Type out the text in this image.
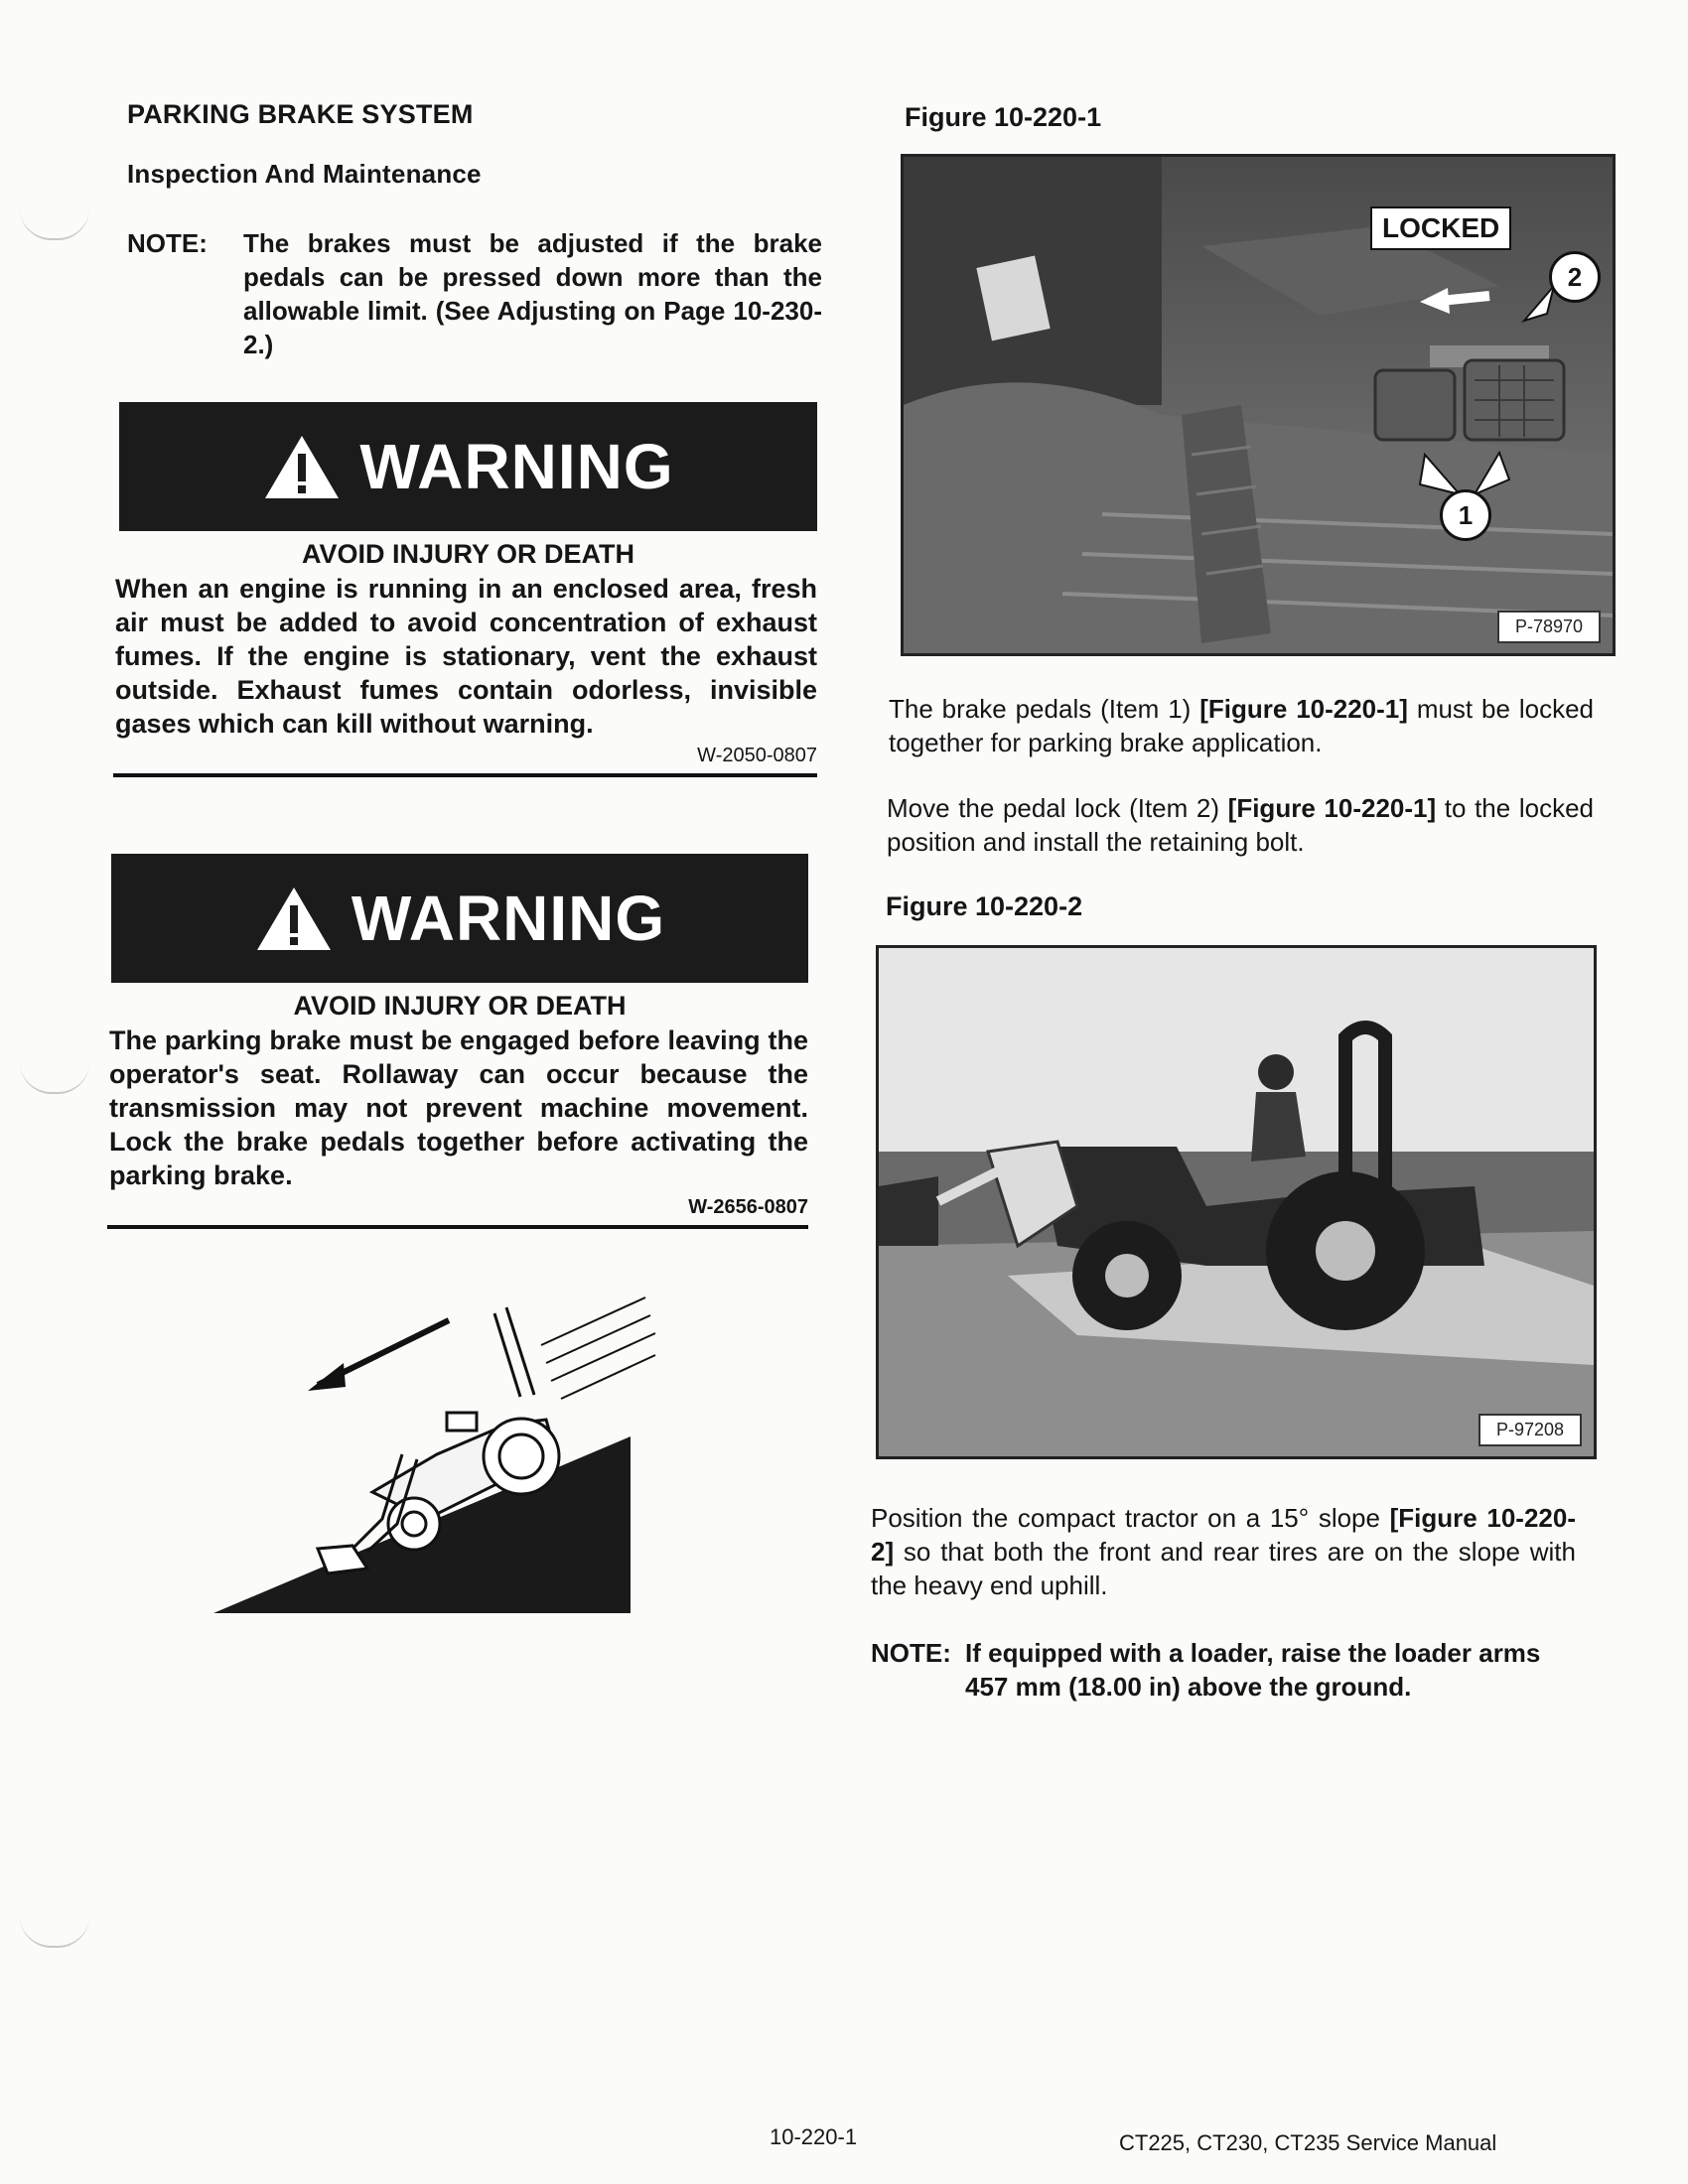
PARKING BRAKE SYSTEM
Inspection And Maintenance
NOTE:	The brakes must be adjusted if the brake pedals can be pressed down more than the allowable limit. (See Adjusting on Page 10-230-2.)
WARNING
AVOID INJURY OR DEATH
When an engine is running in an enclosed area, fresh air must be added to avoid concentration of exhaust fumes. If the engine is stationary, vent the exhaust outside. Exhaust fumes contain odorless, invisible gases which can kill without warning.
W-2050-0807
WARNING
AVOID INJURY OR DEATH
The parking brake must be engaged before leaving the operator's seat. Rollaway can occur because the transmission may not prevent machine movement. Lock the brake pedals together before activating the parking brake.
W-2656-0807
Figure 10-220-1
LOCKED
2
1
P-78970
The brake pedals (Item 1) [Figure 10-220-1] must be locked together for parking brake application.
Move the pedal lock (Item 2) [Figure 10-220-1] to the locked position and install the retaining bolt.
Figure 10-220-2
P-97208
Position the compact tractor on a 15° slope [Figure 10-220-2] so that both the front and rear tires are on the slope with the heavy end uphill.
NOTE: If equipped with a loader, raise the loader arms 457 mm (18.00 in) above the ground.
10-220-1	CT225, CT230, CT235 Service Manual
